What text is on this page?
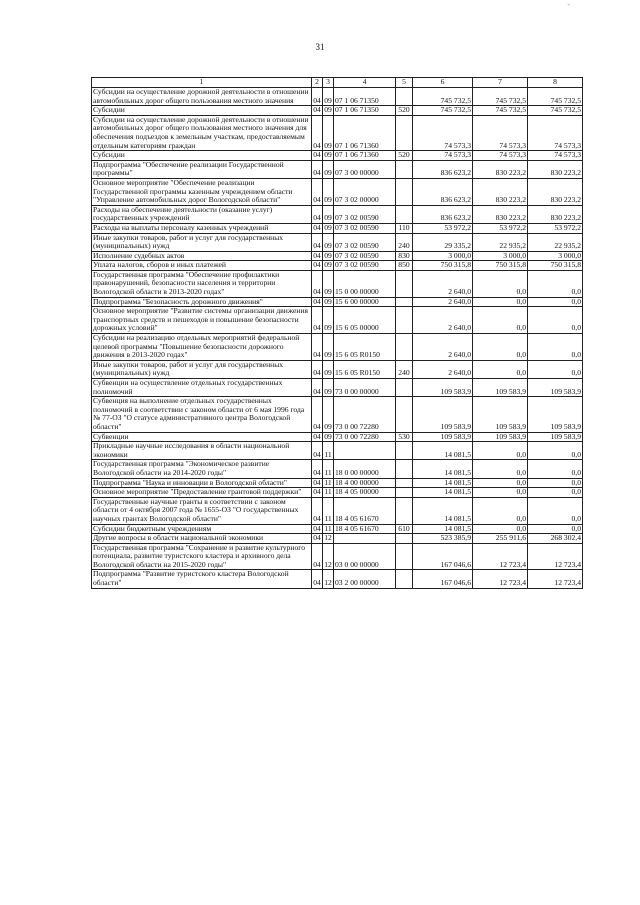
31
-
1	2	3	4	5	6	7	8
Субсидии на осуществление дорожной деятельности в отношении автомобильных дорог общего пользования местного значения	04	09	07 1 06 71350		745 732,5	745 732,5	745 732,5
Субсидии	04	09	07 1 06 71350	520	745 732,5	745 732,5	745 732,5
Субсидии на осуществление дорожной деятельности в отношении автомобильных дорог общего пользования местного значения для обеспечения подъездов к земельным участкам, предоставляемым отдельным категориям граждан	04	09	07 1 06 71360		74 573,3	74 573,3	74 573,3
Субсидии	04	09	07 1 06 71360	520	74 573,3	74 573,3	74 573,3
Подпрограмма "Обеспечение реализации Государственной программы"	04	09	07 3 00 00000		836 623,2	830 223,2	830 223,2
Основное мероприятие "Обеспечение реализации Государственной программы казенным учреждением области "Управление автомобильных дорог Вологодской области"	04	09	07 3 02 00000		836 623,2	830 223,2	830 223,2
Расходы на обеспечение деятельности (оказание услуг) государственных учреждений	04	09	07 3 02 00590		836 623,2	830 223,2	830 223,2
Расходы на выплаты персоналу казенных учреждений	04	09	07 3 02 00590	110	53 972,2	53 972,2	53 972,2
Иные закупки товаров, работ и услуг для государственных (муниципальных) нужд	04	09	07 3 02 00590	240	29 335,2	22 935,2	22 935,2
Исполнение судебных актов	04	09	07 3 02 00590	830	3 000,0	3 000,0	3 000,0
Уплата налогов, сборов и иных платежей	04	09	07 3 02 00590	850	750 315,8	750 315,8	750 315,8
Государственная программа "Обеспечение профилактики правонарушений, безопасности населения и территории Вологодской области в 2013-2020 годах"	04	09	15 0 00 00000		2 640,0	0,0	0,0
Подпрограмма "Безопасность дорожного движения"	04	09	15 6 00 00000		2 640,0	0,0	0,0
Основное мероприятие "Развитие системы организации движения транспортных средств и пешеходов и повышение безопасности дорожных условий"	04	09	15 6 05 00000		2 640,0	0,0	0,0
Субсидии на реализацию отдельных мероприятий федеральной целевой программы "Повышение безопасности дорожного движения в 2013-2020 годах"	04	09	15 6 05 R0150		2 640,0	0,0	0,0
Иные закупки товаров, работ и услуг для государственных (муниципальных) нужд	04	09	15 6 05 R0150	240	2 640,0	0,0	0,0
Субвенции на осуществление отдельных государственных полномочий	04	09	73 0 00 00000		109 583,9	109 583,9	109 583,9
Субвенция на выполнение отдельных государственных полномочий в соответствии с законом области от 6 мая 1996 года № 77-ОЗ "О статусе административного центра Вологодской области"	04	09	73 0 00 72280		109 583,9	109 583,9	109 583,9
Субвенции	04	09	73 0 00 72280	530	109 583,9	109 583,9	109 583,9
Прикладные научные исследования в области национальной экономики	04	11			14 081,5	0,0	0,0
Государственная программа "Экономическое развитие Вологодской области на 2014-2020 годы"	04	11	18 0 00 00000		14 081,5	0,0	0,0
Подпрограмма "Наука и инновации в Вологодской области"	04	11	18 4 00 00000		14 081,5	0,0	0,0
Основное мероприятие "Предоставление грантовой поддержки"	04	11	18 4 05 00000		14 081,5	0,0	0,0
Государственные научные гранты в соответствии с законом области от 4 октября 2007 года № 1655-ОЗ "О государственных научных грантах Вологодской области"	04	11	18 4 05 61670		14 081,5	0,0	0,0
Субсидии бюджетным учреждениям	04	11	18 4 05 61670	610	14 081,5	0,0	0,0
Другие вопросы в области национальной экономики	04	12			523 385,9	255 911,6	268 302,4
Государственная программа "Сохранение и развитие культурного потенциала, развитие туристского кластера и архивного дела Вологодской области на 2015-2020 годы"	04	12	03 0 00 00000		167 046,6	12 723,4	12 723,4
Подпрограмма "Развитие туристского кластера Вологодской области"	04	12	03 2 00 00000		167 046,6	12 723,4	12 723,4
